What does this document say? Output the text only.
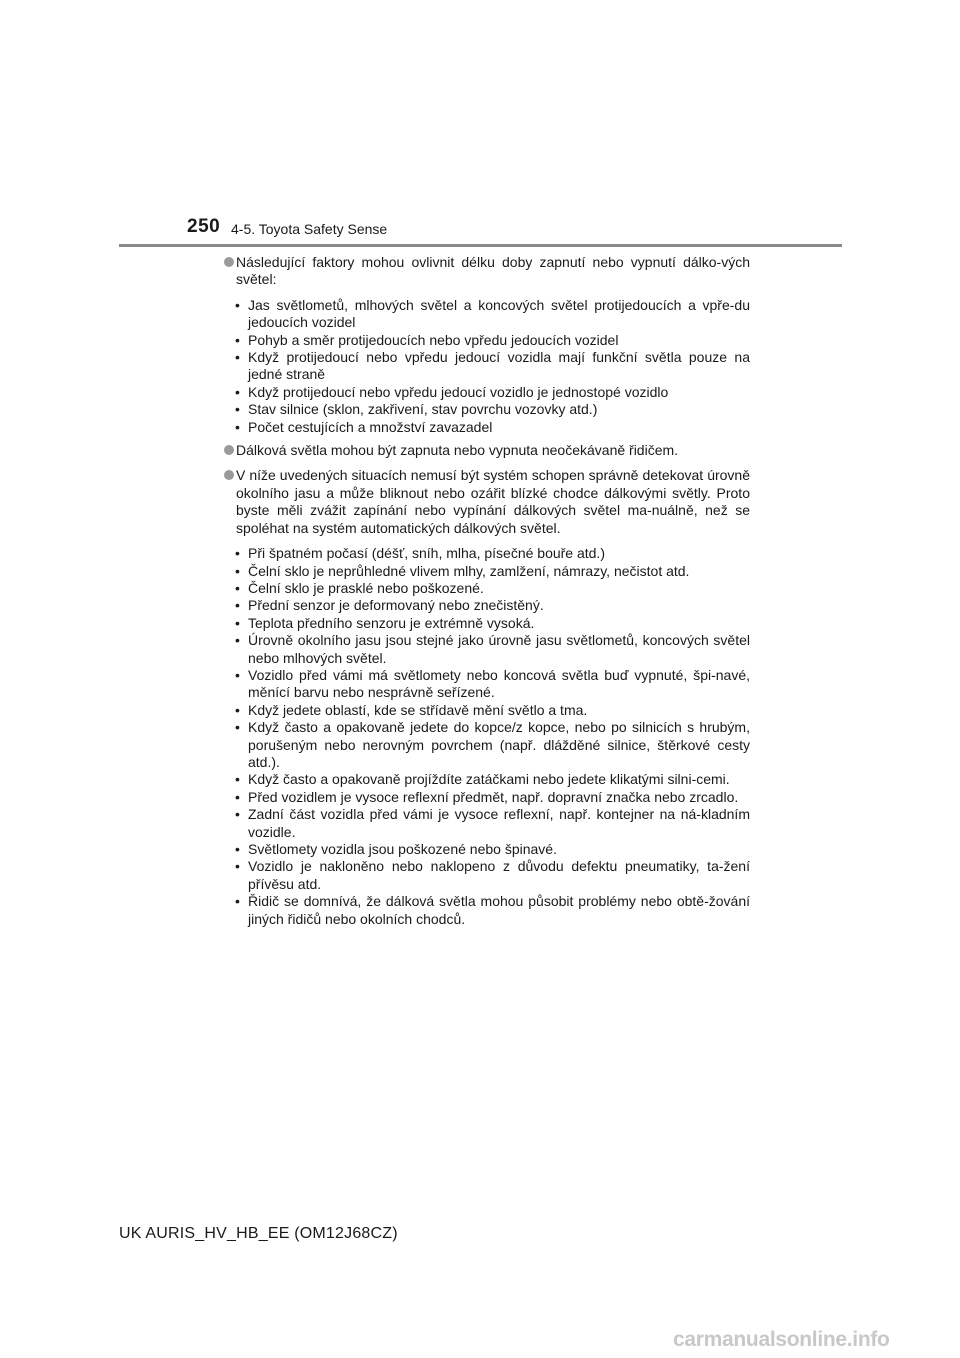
250 4-5. Toyota Safety Sense
Následující faktory mohou ovlivnit délku doby zapnutí nebo vypnutí dálko-vých světel:
• Jas světlometů, mlhových světel a koncových světel protijedoucích a vpře-du jedoucích vozidel
• Pohyb a směr protijedoucích nebo vpředu jedoucích vozidel
• Když protijedoucí nebo vpředu jedoucí vozidla mají funkční světla pouze na jedné straně
• Když protijedoucí nebo vpředu jedoucí vozidlo je jednostopé vozidlo
• Stav silnice (sklon, zakřivení, stav povrchu vozovky atd.)
• Počet cestujících a množství zavazadel
Dálková světla mohou být zapnuta nebo vypnuta neočekávaně řidičem.
V níže uvedených situacích nemusí být systém schopen správně detekovat úrovně okolního jasu a může bliknout nebo ozářit blízké chodce dálkovými světly. Proto byste měli zvážit zapínání nebo vypínání dálkových světel ma-nuálně, než se spoléhat na systém automatických dálkových světel.
• Při špatném počasí (déšť, sníh, mlha, písečné bouře atd.)
• Čelní sklo je neprůhledné vlivem mlhy, zamlžení, námrazy, nečistot atd.
• Čelní sklo je prasklé nebo poškozené.
• Přední senzor je deformovaný nebo znečistěný.
• Teplota předního senzoru je extrémně vysoká.
• Úrovně okolního jasu jsou stejné jako úrovně jasu světlometů, koncových světel nebo mlhových světel.
• Vozidlo před vámi má světlomety nebo koncová světla buď vypnuté, špi-navé, měnící barvu nebo nesprávně seřízené.
• Když jedete oblastí, kde se střídavě mění světlo a tma.
• Když často a opakovaně jedete do kopce/z kopce, nebo po silnicích s hrubým, porušeným nebo nerovným povrchem (např. dlážděné silnice, štěrkové cesty atd.).
• Když často a opakovaně projíždíte zatáčkami nebo jedete klikatými silni-cemi.
• Před vozidlem je vysoce reflexní předmět, např. dopravní značka nebo zrcadlo.
• Zadní část vozidla před vámi je vysoce reflexní, např. kontejner na ná-kladním vozidle.
• Světlomety vozidla jsou poškozené nebo špinavé.
• Vozidlo je nakloněno nebo naklopeno z důvodu defektu pneumatiky, ta-žení přívěsu atd.
• Řidič se domnívá, že dálková světla mohou působit problémy nebo obtě-žování jiných řidičů nebo okolních chodců.
UK AURIS_HV_HB_EE (OM12J68CZ)
carmanualsonline.info
